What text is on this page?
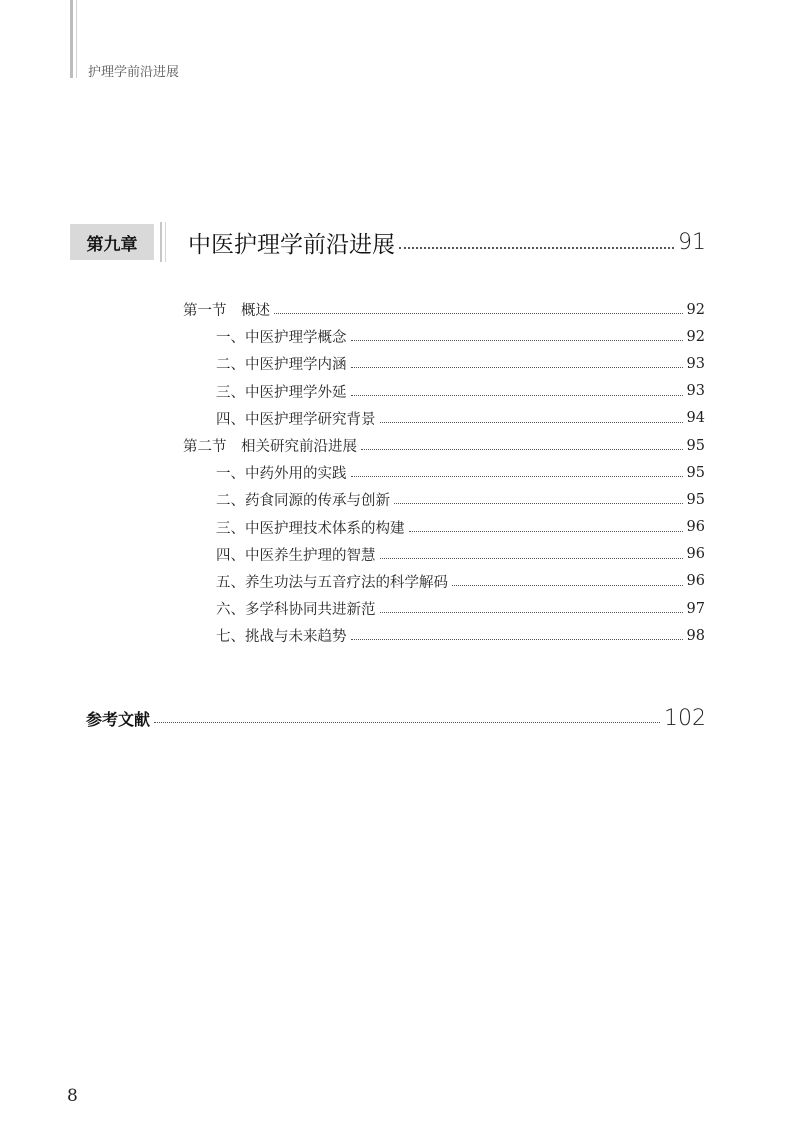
护理学前沿进展
第九章	中医护理学前沿进展	91
第一节　 概述	92
一、 中医护理学概念	92
二、 中医护理学内涵	93
三、 中医护理学外延	93
四、 中医护理学研究背景	94
第二节　 相关研究前沿进展	95
一、 中药外用的实践	95
二、 药食同源的传承与创新	95
三、 中医护理技术体系的构建	96
四、 中医养生护理的智慧	96
五、 养生功法与五音疗法的科学解码	96
六、 多学科协同共进新范	97
七、 挑战与未来趋势	98
参考文献	102
8
